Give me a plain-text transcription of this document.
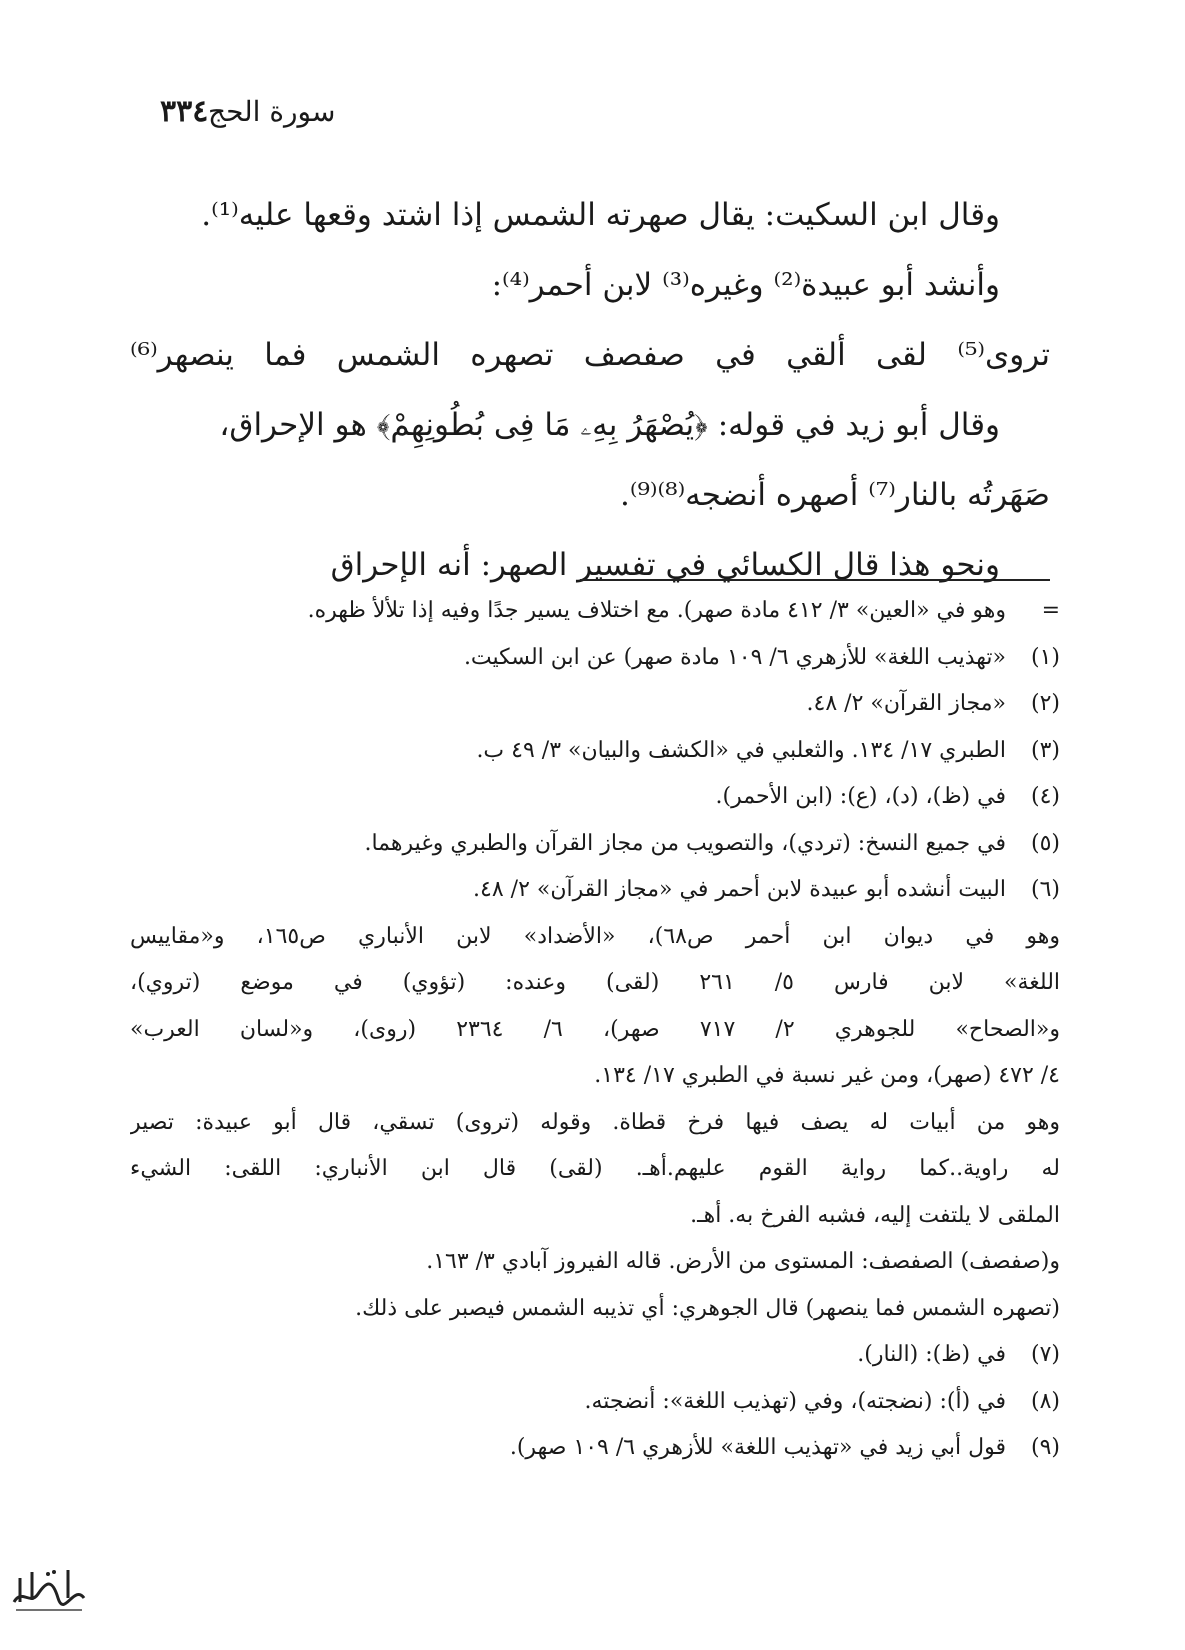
٣٣٤ سورة الحج
وقال ابن السكيت: يقال صهرته الشمس إذا اشتد وقعها عليه⁽¹⁾.
وأنشد أبو عبيدة⁽²⁾ وغيره⁽³⁾ لابن أحمر⁽⁴⁾:
تروى⁽⁵⁾ لقى ألقي في صفصف تصهره الشمس فما ينصهر⁽⁶⁾
وقال أبو زيد في قوله: ﴿يُصْهَرُ بِهِۦ مَا فِى بُطُونِهِمْ﴾ هو الإحراق،
صَهَرتُه بالنار⁽⁷⁾ أصهره أنضجه⁽⁸⁾⁽⁹⁾.
ونحو هذا قال الكسائي في تفسير الصهر: أنه الإحراق
=وهو في «العين» ٣/ ٤١٢ مادة صهر). مع اختلاف يسير جدًا وفيه إذا تلألأ ظهره.
(١)«تهذيب اللغة» للأزهري ٦/ ١٠٩ مادة صهر) عن ابن السكيت.
(٢)«مجاز القرآن» ٢/ ٤٨.
(٣)الطبري ١٧/ ١٣٤. والثعلبي في «الكشف والبيان» ٣/ ٤٩ ب.
(٤)في (ظ)، (د)، (ع): (ابن الأحمر).
(٥)في جميع النسخ: (تردي)، والتصويب من مجاز القرآن والطبري وغيرهما.
(٦)البيت أنشده أبو عبيدة لابن أحمر في «مجاز القرآن» ٢/ ٤٨.
وهو في ديوان ابن أحمر ص٦٨)، «الأضداد» لابن الأنباري ص١٦٥، و«مقاييس
اللغة» لابن فارس ٥/ ٢٦١ (لقى) وعنده: (تؤوي) في موضع (تروي)،
و«الصحاح» للجوهري ٢/ ٧١٧ صهر)، ٦/ ٢٣٦٤ (روى)، و«لسان العرب»
٤/ ٤٧٢ (صهر)، ومن غير نسبة في الطبري ١٧/ ١٣٤.
وهو من أبيات له يصف فيها فرخ قطاة. وقوله (تروى) تسقي، قال أبو عبيدة: تصير
له راوية..كما رواية القوم عليهم.أهـ. (لقى) قال ابن الأنباري: اللقى: الشيء
الملقى لا يلتفت إليه، فشبه الفرخ به. أهـ.
و(صفصف) الصفصف: المستوى من الأرض. قاله الفيروز آبادي ٣/ ١٦٣.
(تصهره الشمس فما ينصهر) قال الجوهري: أي تذيبه الشمس فيصبر على ذلك.
(٧)في (ظ): (النار).
(٨)في (أ): (نضجته)، وفي (تهذيب اللغة»: أنضجته.
(٩)قول أبي زيد في «تهذيب اللغة» للأزهري ٦/ ١٠٩ صهر).
